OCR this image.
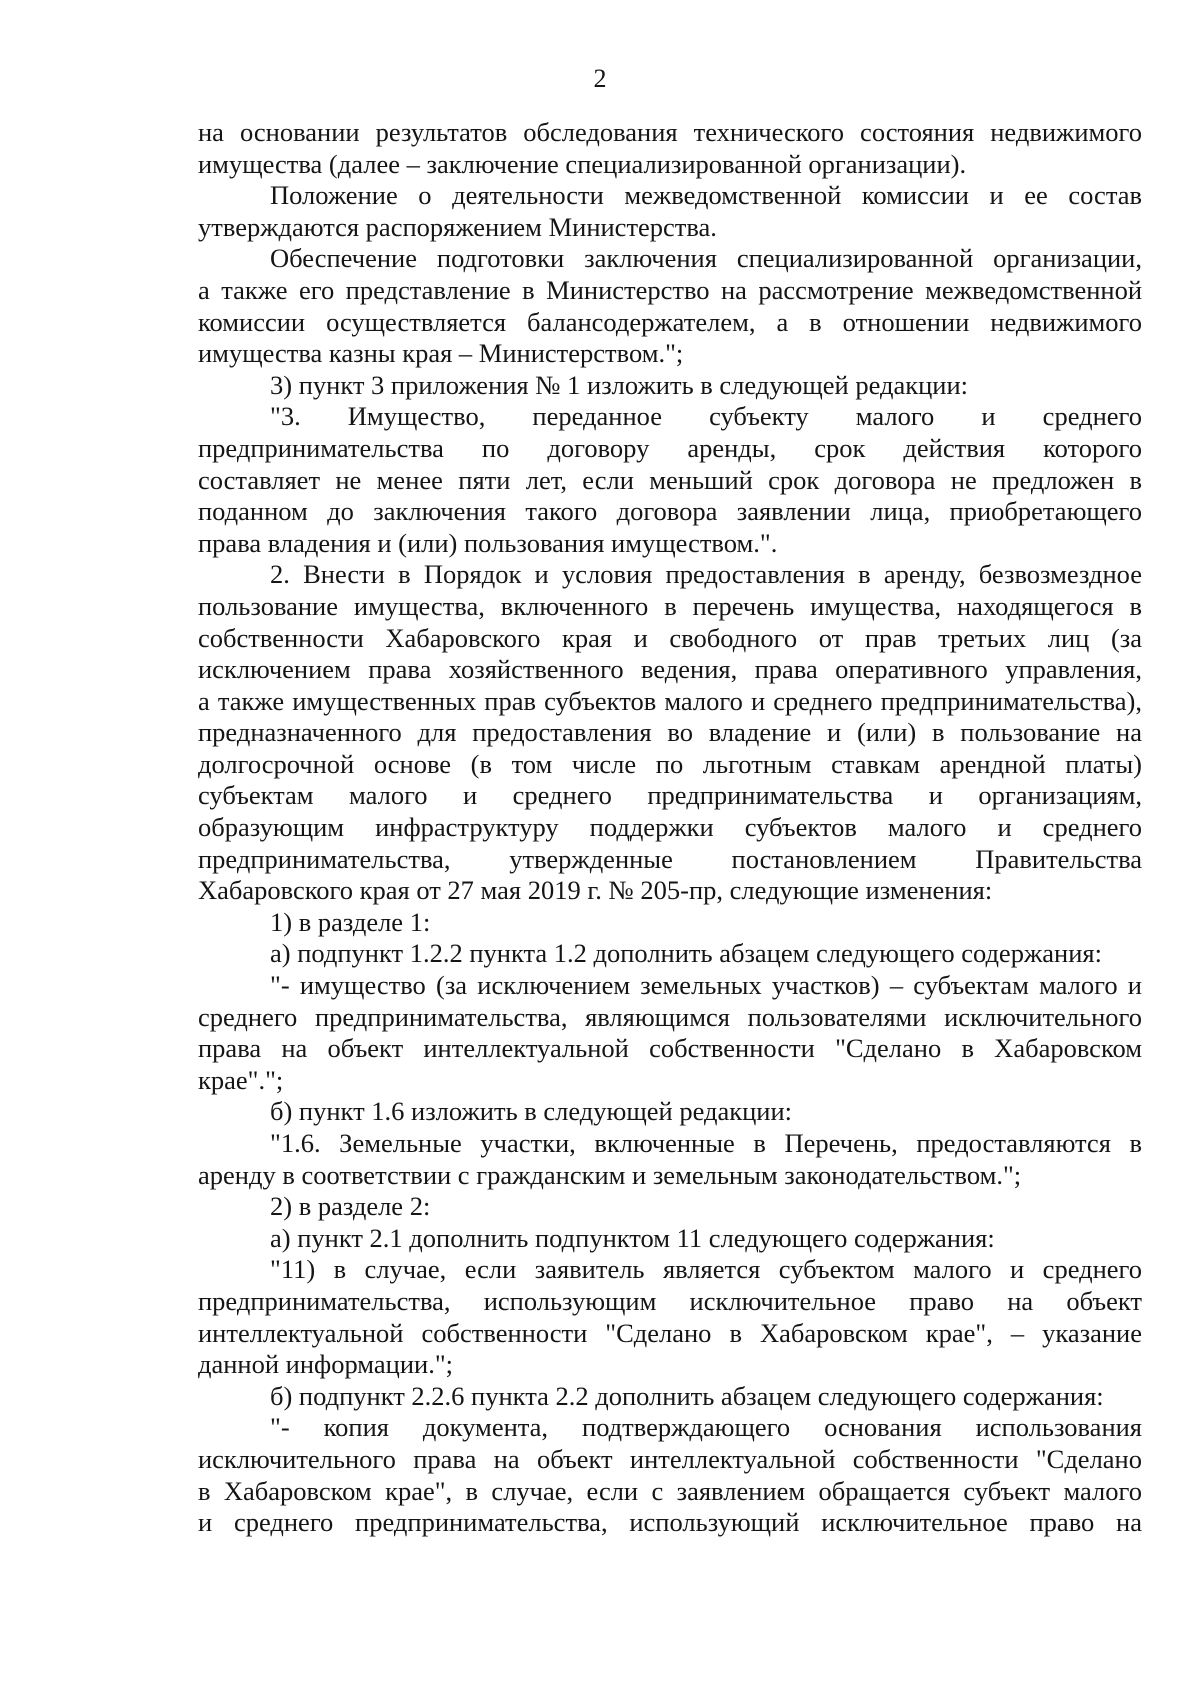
2
на основании результатов обследования технического состояния недвижимого
имущества (далее – заключение специализированной организации).
Положение о деятельности межведомственной комиссии и ее состав
утверждаются распоряжением Министерства.
Обеспечение подготовки заключения специализированной организации,
а также его представление в Министерство на рассмотрение межведомственной
комиссии осуществляется балансодержателем, а в отношении недвижимого
имущества казны края – Министерством.";
3) пункт 3 приложения № 1 изложить в следующей редакции:
"3. Имущество, переданное субъекту малого и среднего
предпринимательства по договору аренды, срок действия которого
составляет не менее пяти лет, если меньший срок договора не предложен в
поданном до заключения такого договора заявлении лица, приобретающего
права владения и (или) пользования имуществом.".
2. Внести в Порядок и условия предоставления в аренду, безвозмездное
пользование имущества, включенного в перечень имущества, находящегося в
собственности Хабаровского края и свободного от прав третьих лиц (за
исключением права хозяйственного ведения, права оперативного управления,
а также имущественных прав субъектов малого и среднего предпринимательства),
предназначенного для предоставления во владение и (или) в пользование на
долгосрочной основе (в том числе по льготным ставкам арендной платы)
субъектам малого и среднего предпринимательства и организациям,
образующим инфраструктуру поддержки субъектов малого и среднего
предпринимательства, утвержденные постановлением Правительства
Хабаровского края от 27 мая 2019 г. № 205-пр, следующие изменения:
1) в разделе 1:
а) подпункт 1.2.2 пункта 1.2 дополнить абзацем следующего содержания:
"- имущество (за исключением земельных участков) – субъектам малого и
среднего предпринимательства, являющимся пользователями исключительного
права на объект интеллектуальной собственности "Сделано в Хабаровском
крае".";
б) пункт 1.6 изложить в следующей редакции:
"1.6. Земельные участки, включенные в Перечень, предоставляются в
аренду в соответствии с гражданским и земельным законодательством.";
2) в разделе 2:
а) пункт 2.1 дополнить подпунктом 11 следующего содержания:
"11) в случае, если заявитель является субъектом малого и среднего
предпринимательства, использующим исключительное право на объект
интеллектуальной собственности "Сделано в Хабаровском крае", – указание
данной информации.";
б) подпункт 2.2.6 пункта 2.2 дополнить абзацем следующего содержания:
"- копия документа, подтверждающего основания использования
исключительного права на объект интеллектуальной собственности "Сделано
в Хабаровском крае", в случае, если с заявлением обращается субъект малого
и среднего предпринимательства, использующий исключительное право на
